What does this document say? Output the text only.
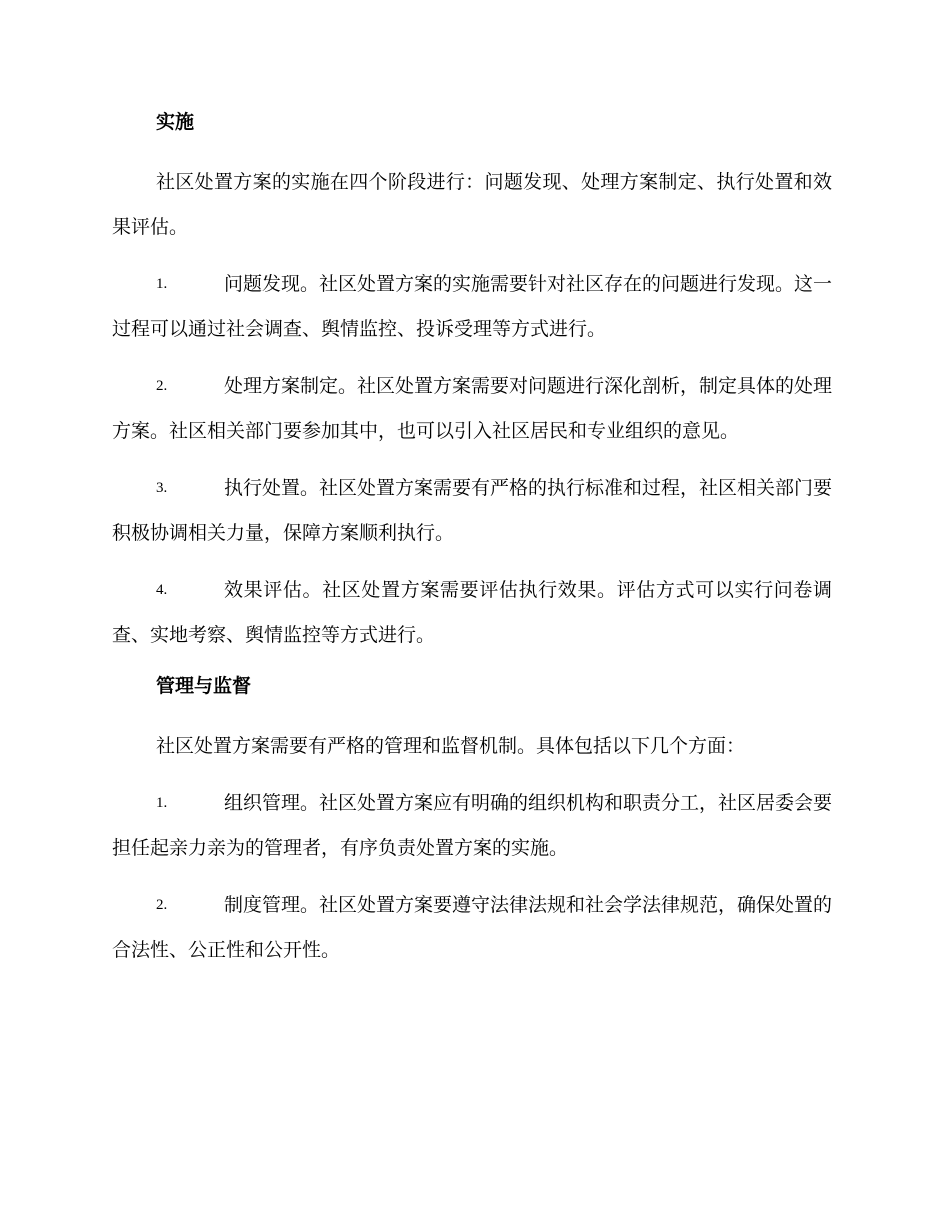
实施

社区处置方案的实施在四个阶段进行：问题发现、处理方案制定、执行处置和效果评估。

1.	问题发现。社区处置方案的实施需要针对社区存在的问题进行发现。这一过程可以通过社会调查、舆情监控、投诉受理等方式进行。
2.	处理方案制定。社区处置方案需要对问题进行深化剖析，制定具体的处理方案。社区相关部门要参加其中，也可以引入社区居民和专业组织的意见。
3.	执行处置。社区处置方案需要有严格的执行标准和过程，社区相关部门要积极协调相关力量，保障方案顺利执行。
4.	效果评估。社区处置方案需要评估执行效果。评估方式可以实行问卷调查、实地考察、舆情监控等方式进行。
管理与监督

社区处置方案需要有严格的管理和监督机制。具体包括以下几个方面：

1.	组织管理。社区处置方案应有明确的组织机构和职责分工，社区居委会要担任起亲力亲为的管理者，有序负责处置方案的实施。
2.	制度管理。社区处置方案要遵守法律法规和社会学法律规范，确保处置的合法性、公正性和公开性。
